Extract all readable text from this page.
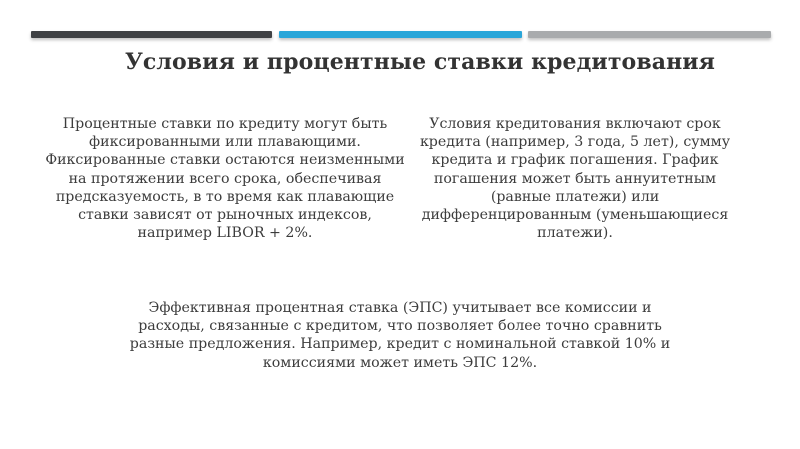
Условия и процентные ставки кредитования

Процентные ставки по кредиту могут быть фиксированными или плавающими. Фиксированные ставки остаются неизменными на протяжении всего срока, обеспечивая предсказуемость, в то время как плавающие ставки зависят от рыночных индексов, например LIBOR + 2%.

Условия кредитования включают срок кредита (например, 3 года, 5 лет), сумму кредита и график погашения. График погашения может быть аннуитетным (равные платежи) или дифференцированным (уменьшающиеся платежи).

Эффективная процентная ставка (ЭПС) учитывает все комиссии и расходы, связанные с кредитом, что позволяет более точно сравнить разные предложения. Например, кредит с номинальной ставкой 10% и комиссиями может иметь ЭПС 12%.
